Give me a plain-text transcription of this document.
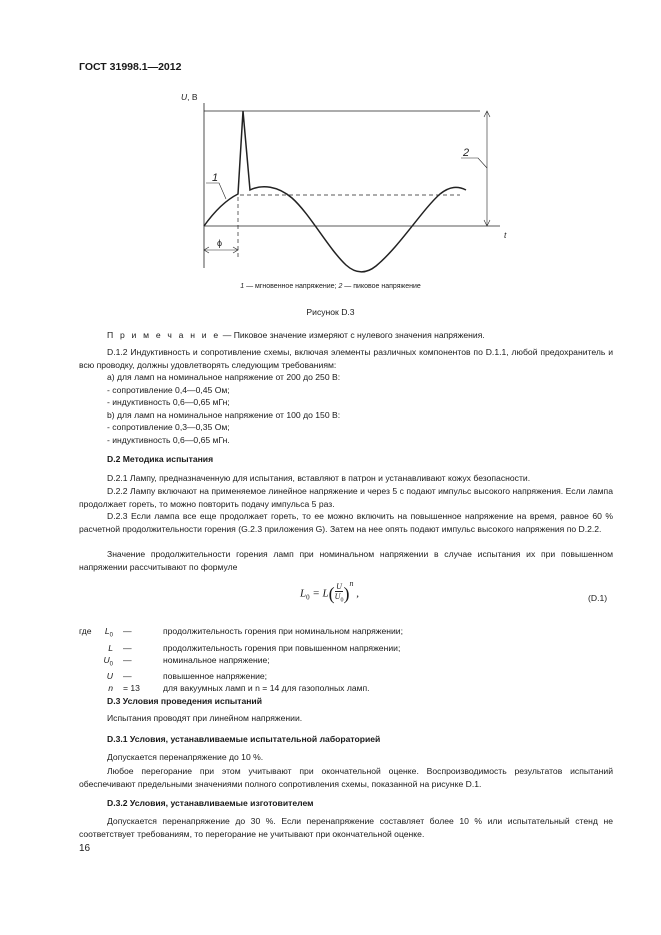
ГОСТ 31998.1—2012
U, В
t
ϕ
1
2
1 — мгновенное напряжение; 2 — пиковое напряжение
Рисунок D.3
П р и м е ч а н и е — Пиковое значение измеряют с нулевого значения напряжения.
D.1.2 Индуктивность и сопротивление схемы, включая элементы различных компонентов по D.1.1, любой предохранитель и всю проводку, должны удовлетворять следующим требованиям:
a) для ламп на номинальное напряжение от 200 до 250 В:
- сопротивление 0,4—0,45 Ом;
- индуктивность 0,6—0,65 мГн;
b) для ламп на номинальное напряжение от 100 до 150 В:
- сопротивление 0,3—0,35 Ом;
- индуктивность 0,6—0,65 мГн.
D.2 Методика испытания
D.2.1 Лампу, предназначенную для испытания, вставляют в патрон и устанавливают кожух безопасности.
D.2.2 Лампу включают на применяемое линейное напряжение и через 5 с подают импульс высокого напряжения. Если лампа продолжает гореть, то можно повторить подачу импульса 5 раз.
D.2.3 Если лампа все еще продолжает гореть, то ее можно включить на повышенное напряжение на время, равное 60 % расчетной продолжительности горения (G.2.3 приложения G). Затем на нее опять подают импульс высокого напряжения по D.2.2.
Значение продолжительности горения ламп при номинальном напряжении в случае испытания их при повышенном напряжении рассчитывают по формуле
$L_0 = L( \frac{U}{U_0} )^n$ ,	(D.1)
где $L_0$	—	продолжительность горения при номинальном напряжении;
L	—	продолжительность горения при повышенном напряжении;
$U_0$	—	номинальное напряжение;
U	—	повышенное напряжение;
n	= 13	для вакуумных ламп и n = 14 для газополных ламп.
D.3 Условия проведения испытаний
Испытания проводят при линейном напряжении.
D.3.1 Условия, устанавливаемые испытательной лабораторией
Допускается перенапряжение до 10 %.
Любое перегорание при этом учитывают при окончательной оценке. Воспроизводимость результатов испытаний обеспечивают предельными значениями полного сопротивления схемы, показанной на рисунке D.1.
D.3.2 Условия, устанавливаемые изготовителем
Допускается перенапряжение до 30 %. Если перенапряжение составляет более 10 % или испытательный стенд не соответствует требованиям, то перегорание не учитывают при окончательной оценке.
16
